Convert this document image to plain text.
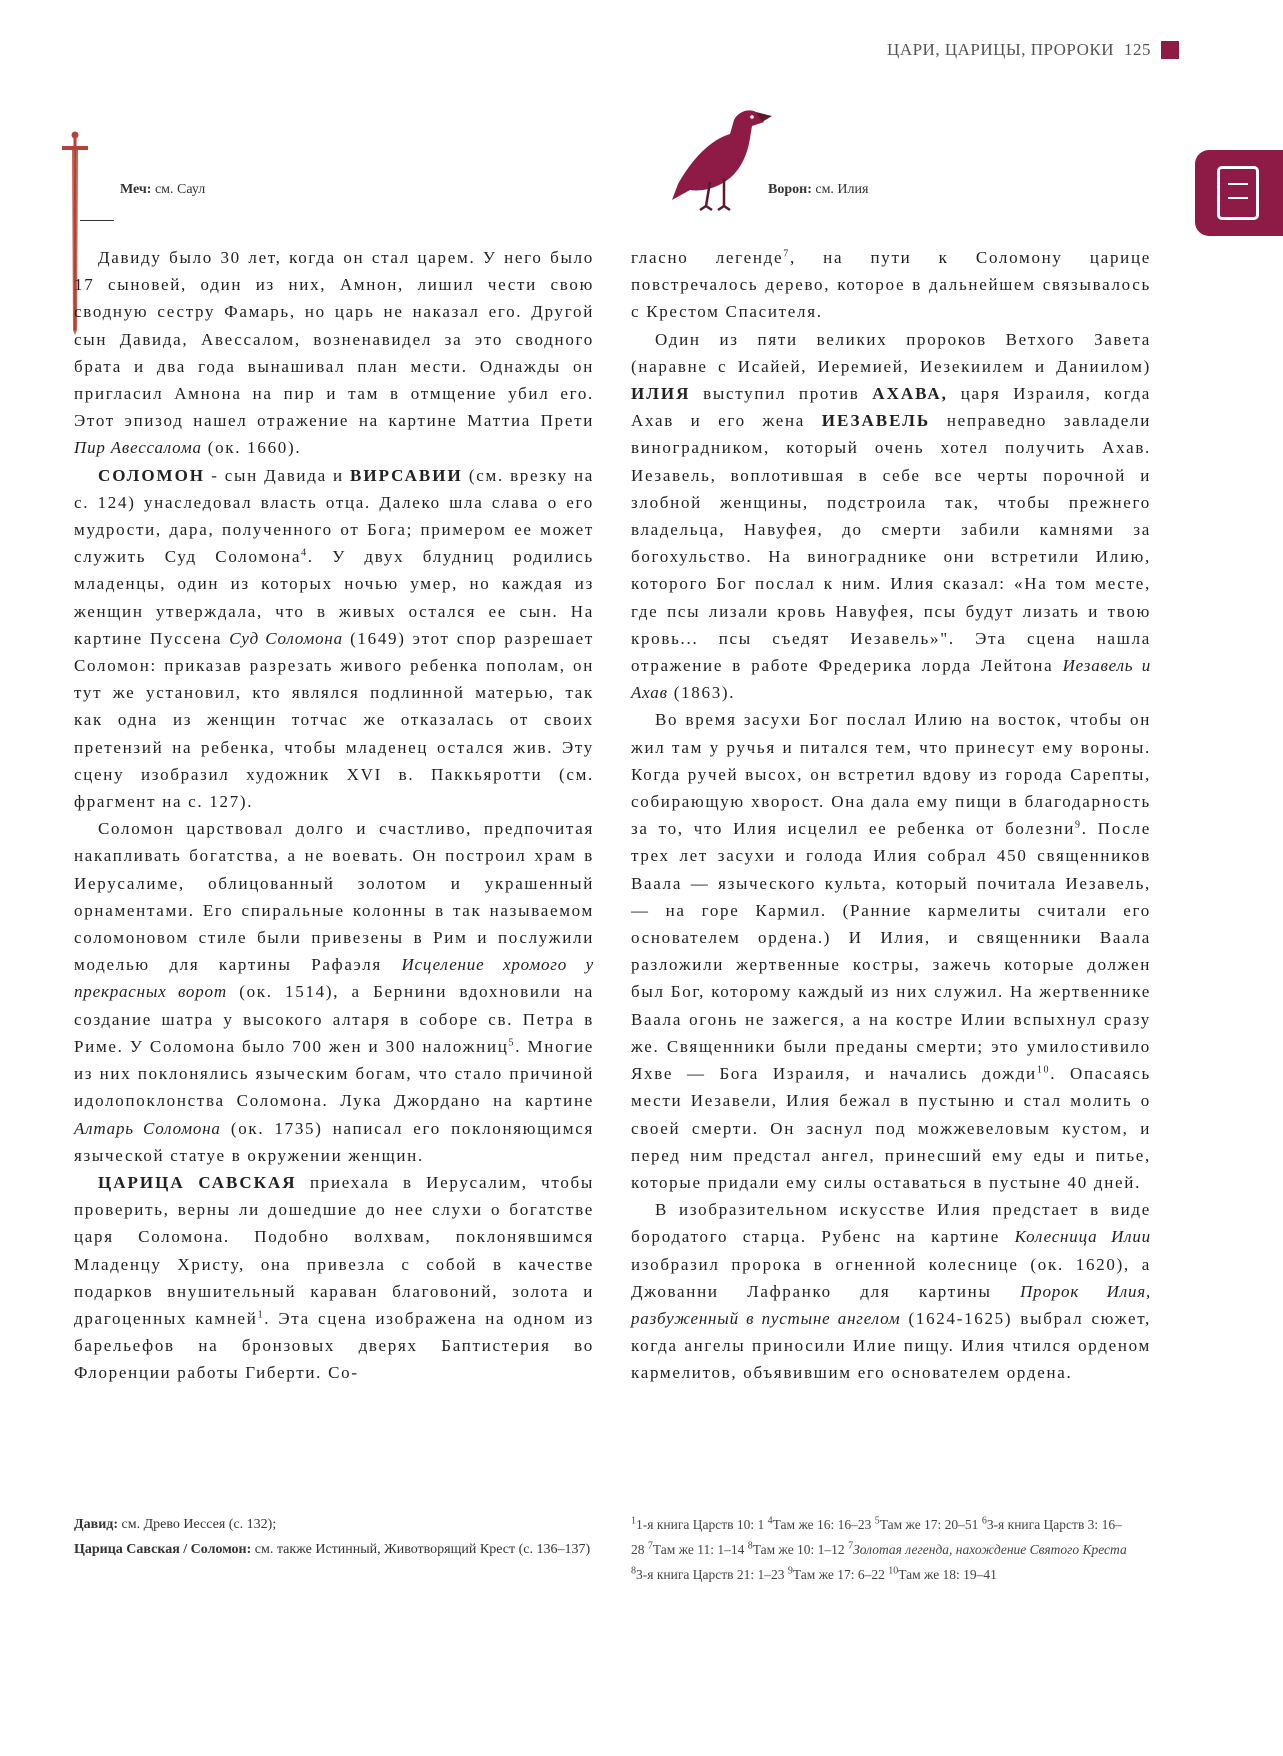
ЦАРИ, ЦАРИЦЫ, ПРОРОКИ 125
Меч: см. Саул	Ворон: см. Илия

Давиду было 30 лет, когда он стал царем. У него было 17 сыновей, один из них, Амнон, лишил чести свою сводную сестру Фамарь, но царь не наказал его. Другой сын Давида, Авессалом, возненавидел за это сводного брата и два года вынашивал план мести. Однажды он пригласил Амнона на пир и там в отмщение убил его. Этот эпизод нашел отражение на картине Маттиа Прети Пир Авессалома (ок. 1660).

СОЛОМОН - сын Давида и ВИРСАВИИ (см. врезку на с. 124) унаследовал власть отца. Далеко шла слава о его мудрости, дара, полученного от Бога; примером ее может служить Суд Соломона$^4$. У двух блудниц родились младенцы, один из которых ночью умер, но каждая из женщин утверждала, что в живых остался ее сын. На картине Пуссена Суд Соломона (1649) этот спор разрешает Соломон: приказав разрезать живого ребенка пополам, он тут же установил, кто являлся подлинной матерью, так как одна из женщин тотчас же отказалась от своих претензий на ребенка, чтобы младенец остался жив. Эту сцену изобразил художник XVI в. Паккьяротти (см. фрагмент на с. 127).

Соломон царствовал долго и счастливо, предпочитая накапливать богатства, а не воевать. Он построил храм в Иерусалиме, облицованный золотом и украшенный орнаментами. Его спиральные колонны в так называемом соломоновом стиле были привезены в Рим и послужили моделью для картины Рафаэля Исцеление хромого у прекрасных ворот (ок. 1514), а Бернини вдохновили на создание шатра у высокого алтаря в соборе св. Петра в Риме. У Соломона было 700 жен и 300 наложниц$^5$. Многие из них поклонялись языческим богам, что стало причиной идолопоклонства Соломона. Лука Джордано на картине Алтарь Соломона (ок. 1735) написал его поклоняющимся языческой статуе в окружении женщин.

ЦАРИЦА САВСКАЯ приехала в Иерусалим, чтобы проверить, верны ли дошедшие до нее слухи о богатстве царя Соломона. Подобно волхвам, поклонявшимся Младенцу Христу, она привезла с собой в качестве подарков внушительный караван благовоний, золота и драгоценных камней$^1$. Эта сцена изображена на одном из барельефов на бронзовых дверях Баптистерия во Флоренции работы Гиберти. Со-

гласно легенде$^7$, на пути к Соломону царице повстречалось дерево, которое в дальнейшем связывалось с Крестом Спасителя.

Один из пяти великих пророков Ветхого Завета (наравне с Исайей, Иеремией, Иезекиилем и Даниилом) ИЛИЯ выступил против АХАВА, царя Израиля, когда Ахав и его жена ИЕЗАВЕЛЬ неправедно завладели виноградником, который очень хотел получить Ахав. Иезавель, воплотившая в себе все черты порочной и злобной женщины, подстроила так, чтобы прежнего владельца, Навуфея, до смерти забили камнями за богохульство. На винограднике они встретили Илию, которого Бог послал к ним. Илия сказал: «На том месте, где псы лизали кровь Навуфея, псы будут лизать и твою кровь... псы съедят Иезавель»". Эта сцена нашла отражение в работе Фредерика лорда Лейтона Иезавель и Ахав (1863).

Во время засухи Бог послал Илию на восток, чтобы он жил там у ручья и питался тем, что принесут ему вороны. Когда ручей высох, он встретил вдову из города Сарепты, собирающую хворост. Она дала ему пищи в благодарность за то, что Илия исцелил ее ребенка от болезни$^9$. После трех лет засухи и голода Илия собрал 450 священников Ваала — языческого культа, который почитала Иезавель, — на горе Кармил. (Ранние кармелиты считали его основателем ордена.) И Илия, и священники Ваала разложили жертвенные костры, зажечь которые должен был Бог, которому каждый из них служил. На жертвеннике Ваала огонь не зажегся, а на костре Илии вспыхнул сразу же. Священники были преданы смерти; это умилостивило Яхве — Бога Израиля, и начались дожди$^{10}$. Опасаясь мести Иезавели, Илия бежал в пустыню и стал молить о своей смерти. Он заснул под можжевеловым кустом, и перед ним предстал ангел, принесший ему еды и питье, которые придали ему силы оставаться в пустыне 40 дней.

В изобразительном искусстве Илия предстает в виде бородатого старца. Рубенс на картине Колесница Илии изобразил пророка в огненной колеснице (ок. 1620), а Джованни Лафранко для картины Пророк Илия, разбуженный в пустыне ангелом (1624-1625) выбрал сюжет, когда ангелы приносили Илие пищу. Илия чтился орденом кармелитов, объявившим его основателем ордена.

Давид: см. Древо Иессея (с. 132);
Царица Савская / Соломон: см. также Истинный, Животворящий Крест (с. 136–137)
$^1$1-я книга Царств 10: 1 $^4$Там же 16: 16–23 $^5$Там же 17: 20–51 $^6$3-я книга Царств 3: 16–28 $^7$Там же 11: 1–14 $^8$Там же 10: 1–12 $^7$Золотая легенда, нахождение Святого Креста $^8$3-я книга Царств 21: 1–23 $^9$Там же 17: 6–22 $^{10}$Там же 18: 19–41
